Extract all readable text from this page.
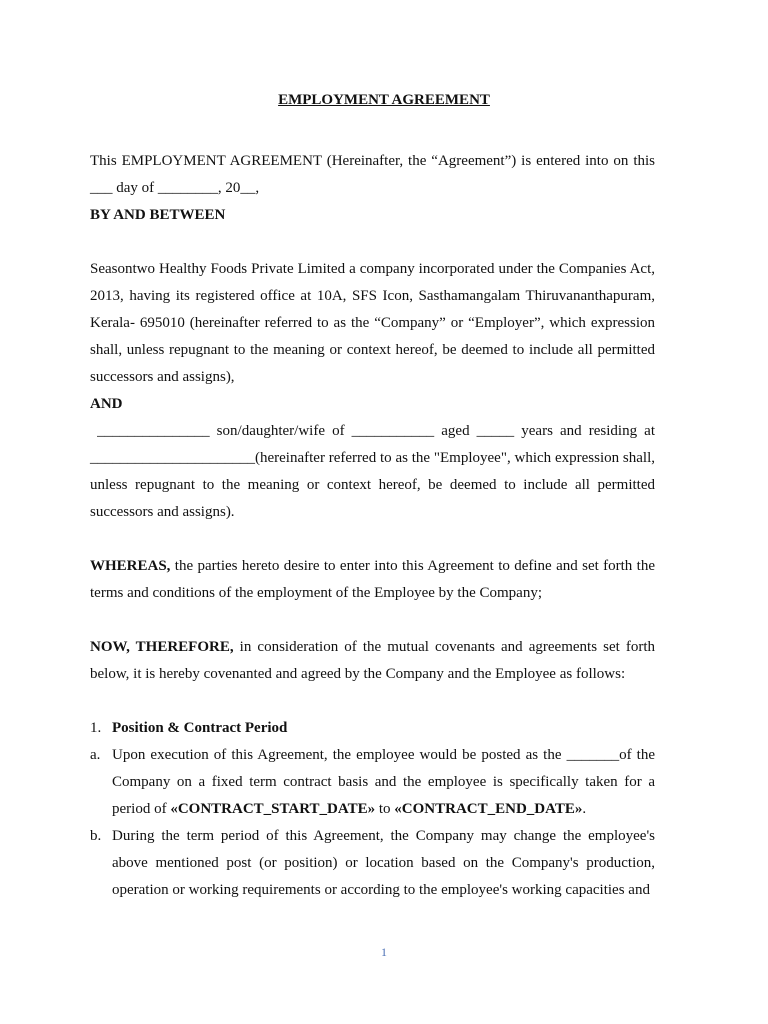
EMPLOYMENT AGREEMENT

This EMPLOYMENT AGREEMENT (Hereinafter, the “Agreement”) is entered into on this ___ day of ________, 20__,

BY AND BETWEEN

Seasontwo Healthy Foods Private Limited a company incorporated under the Companies Act, 2013, having its registered office at 10A, SFS Icon, Sasthamangalam Thiruvananthapuram, Kerala- 695010 (hereinafter referred to as the “Company” or “Employer”, which expression shall, unless repugnant to the meaning or context hereof, be deemed to include all permitted successors and assigns),

AND

_______________ son/daughter/wife of ___________ aged _____ years and residing at ______________________(hereinafter referred to as the "Employee", which expression shall, unless repugnant to the meaning or context hereof, be deemed to include all permitted successors and assigns).

WHEREAS, the parties hereto desire to enter into this Agreement to define and set forth the terms and conditions of the employment of the Employee by the Company;

NOW, THEREFORE, in consideration of the mutual covenants and agreements set forth below, it is hereby covenanted and agreed by the Company and the Employee as follows:

1. Position & Contract Period
a. Upon execution of this Agreement, the employee would be posted as the _______of the Company on a fixed term contract basis and the employee is specifically taken for a period of «CONTRACT_START_DATE» to «CONTRACT_END_DATE».
b. During the term period of this Agreement, the Company may change the employee's above mentioned post (or position) or location based on the Company's production, operation or working requirements or according to the employee's working capacities and
1
